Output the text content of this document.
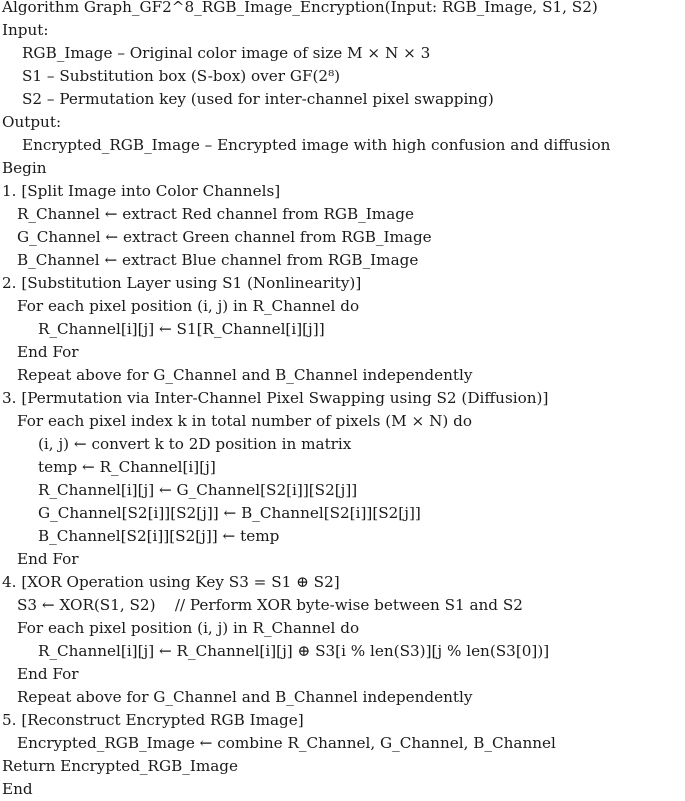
Algorithm Graph_GF2^8_RGB_Image_Encryption(Input: RGB_Image, S1, S2)
Input:
RGB_Image – Original color image of size M × N × 3
S1 – Substitution box (S-box) over GF(2⁸)
S2 – Permutation key (used for inter-channel pixel swapping)
Output:
Encrypted_RGB_Image – Encrypted image with high confusion and diffusion
Begin
1. [Split Image into Color Channels]
R_Channel ← extract Red channel from RGB_Image
G_Channel ← extract Green channel from RGB_Image
B_Channel ← extract Blue channel from RGB_Image
2. [Substitution Layer using S1 (Nonlinearity)]
For each pixel position (i, j) in R_Channel do
R_Channel[i][j] ← S1[R_Channel[i][j]]
End For
Repeat above for G_Channel and B_Channel independently
3. [Permutation via Inter-Channel Pixel Swapping using S2 (Diffusion)]
For each pixel index k in total number of pixels (M × N) do
(i, j) ← convert k to 2D position in matrix
temp ← R_Channel[i][j]
R_Channel[i][j] ← G_Channel[S2[i]][S2[j]]
G_Channel[S2[i]][S2[j]] ← B_Channel[S2[i]][S2[j]]
B_Channel[S2[i]][S2[j]] ← temp
End For
4. [XOR Operation using Key S3 = S1 ⊕ S2]
S3 ← XOR(S1, S2)    // Perform XOR byte-wise between S1 and S2
For each pixel position (i, j) in R_Channel do
R_Channel[i][j] ← R_Channel[i][j] ⊕ S3[i % len(S3)][j % len(S3[0])]
End For
Repeat above for G_Channel and B_Channel independently
5. [Reconstruct Encrypted RGB Image]
Encrypted_RGB_Image ← combine R_Channel, G_Channel, B_Channel
Return Encrypted_RGB_Image
End
